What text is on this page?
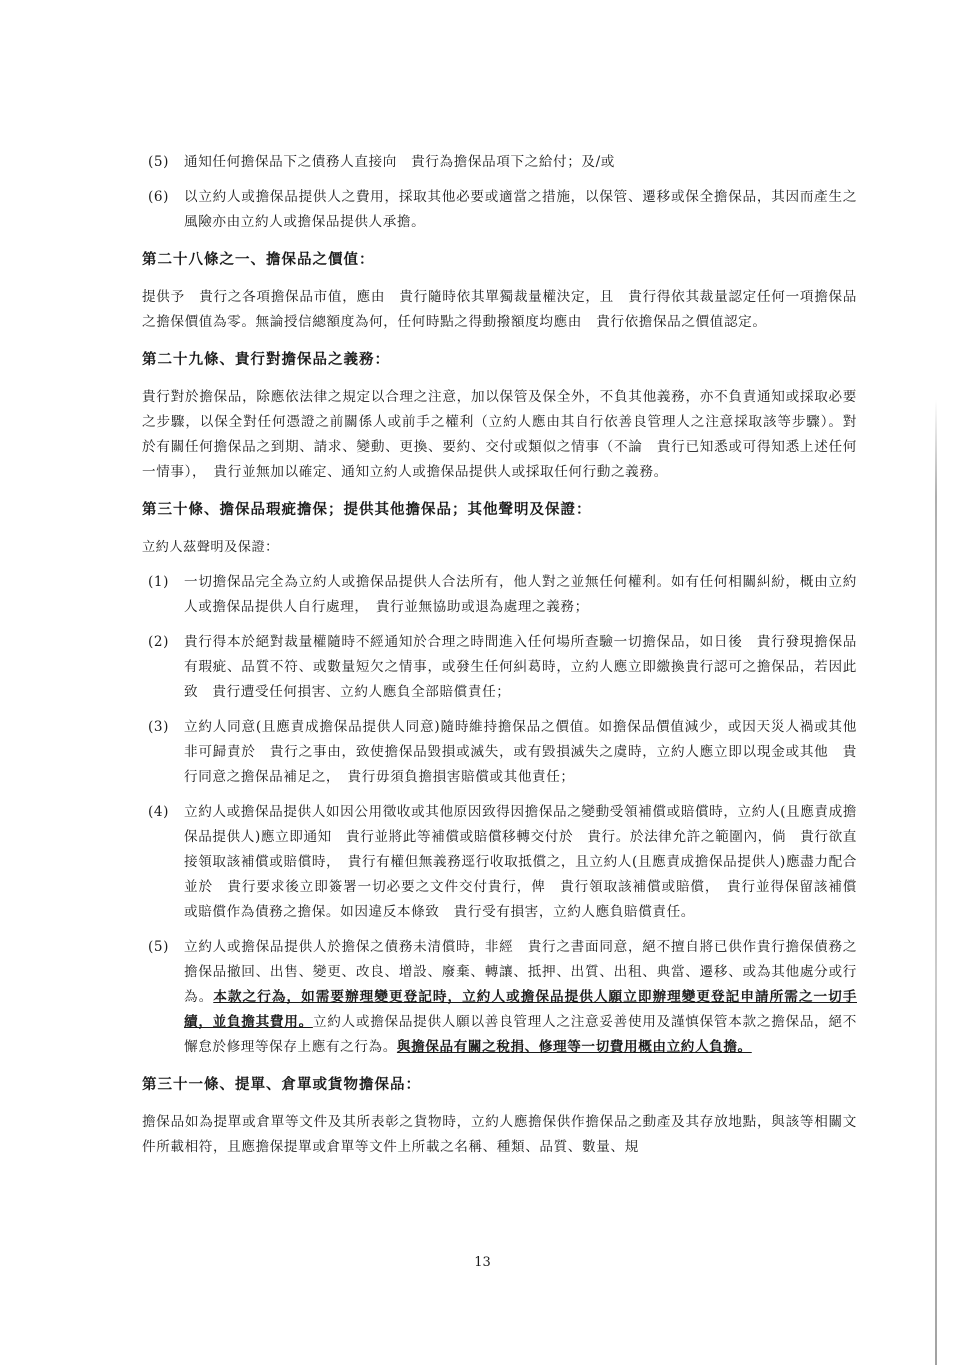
(5)	通知任何擔保品下之債務人直接向　貴行為擔保品項下之給付；及/或
(6)	以立約人或擔保品提供人之費用，採取其他必要或適當之措施，以保管、遷移或保全擔保品，其因而產生之風險亦由立約人或擔保品提供人承擔。
第二十八條之一、擔保品之價值：
提供予　貴行之各項擔保品市值，應由　貴行隨時依其單獨裁量權決定，且　貴行得依其裁量認定任何一項擔保品之擔保價值為零。無論授信總額度為何，任何時點之得動撥額度均應由　貴行依擔保品之價值認定。
第二十九條、貴行對擔保品之義務：
貴行對於擔保品，除應依法律之規定以合理之注意，加以保管及保全外，不負其他義務，亦不負責通知或採取必要之步驟，以保全對任何憑證之前關係人或前手之權利（立約人應由其自行依善良管理人之注意採取該等步驟）。對於有關任何擔保品之到期、請求、變動、更換、要約、交付或類似之情事（不論　貴行已知悉或可得知悉上述任何一情事），　貴行並無加以確定、通知立約人或擔保品提供人或採取任何行動之義務。
第三十條、擔保品瑕疵擔保；提供其他擔保品；其他聲明及保證：
立約人茲聲明及保證：
(1)	一切擔保品完全為立約人或擔保品提供人合法所有，他人對之並無任何權利。如有任何相關糾紛，概由立約人或擔保品提供人自行處理，　貴行並無協助或退為處理之義務；
(2)	貴行得本於絕對裁量權隨時不經通知於合理之時間進入任何場所查驗一切擔保品，如日後　貴行發現擔保品有瑕疵、品質不符、或數量短欠之情事，或發生任何糾葛時，立約人應立即繳換貴行認可之擔保品，若因此致　貴行遭受任何損害、立約人應負全部賠償責任；
(3)	立約人同意(且應責成擔保品提供人同意)隨時維持擔保品之價值。如擔保品價值減少，或因天災人禍或其他非可歸責於　貴行之事由，致使擔保品毀損或滅失，或有毀損滅失之虞時，立約人應立即以現金或其他　貴行同意之擔保品補足之，　貴行毋須負擔損害賠償或其他責任；
(4)	立約人或擔保品提供人如因公用徵收或其他原因致得因擔保品之變動受領補償或賠償時，立約人(且應責成擔保品提供人)應立即通知　貴行並將此等補償或賠償移轉交付於　貴行。於法律允許之範圍內，倘　貴行欲直接領取該補償或賠償時，　貴行有權但無義務逕行收取抵償之，且立約人(且應責成擔保品提供人)應盡力配合並於　貴行要求後立即簽署一切必要之文件交付貴行，俾　貴行領取該補償或賠償，　貴行並得保留該補償或賠償作為債務之擔保。如因違反本條致　貴行受有損害，立約人應負賠償責任。
(5)	立約人或擔保品提供人於擔保之債務未清償時，非經　貴行之書面同意，絕不擅自將已供作貴行擔保債務之擔保品撤回、出售、變更、改良、增設、廢棄、轉讓、抵押、出質、出租、典當、遷移、或為其他處分或行為。本款之行為，如需要辦理變更登記時，立約人或擔保品提供人願立即辦理變更登記申請所需之一切手續，並負擔其費用。立約人或擔保品提供人願以善良管理人之注意妥善使用及謹慎保管本款之擔保品，絕不懈怠於修理等保存上應有之行為。與擔保品有關之稅捐、修理等一切費用概由立約人負擔。
第三十一條、提單、倉單或貨物擔保品：
擔保品如為提單或倉單等文件及其所表彰之貨物時，立約人應擔保供作擔保品之動產及其存放地點，與該等相關文件所載相符，且應擔保提單或倉單等文件上所載之名稱、種類、品質、數量、規
13
